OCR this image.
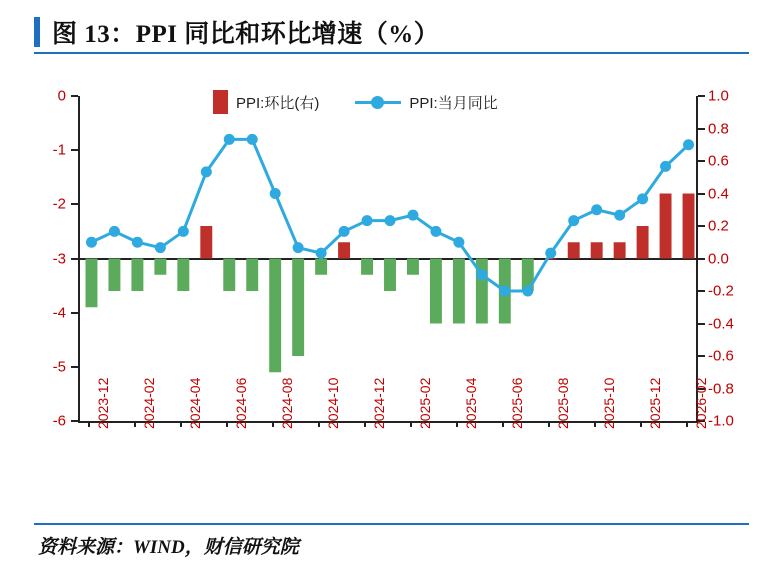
图 13：PPI 同比和环比增速（%）
PPI:环比(右)	PPI:当月同比
0
-1
-2
-3
-4
-5
-6
1.0
0.8
0.6
0.4
0.2
0.0
-0.2
-0.4
-0.6
-0.8
-1.0
2023-12 2024-02 2024-04 2024-06 2024-08 2024-10 2024-12 2025-02 2025-04 2025-06 2025-08 2025-10 2025-12 2026-02
资料来源：WIND，财信研究院
